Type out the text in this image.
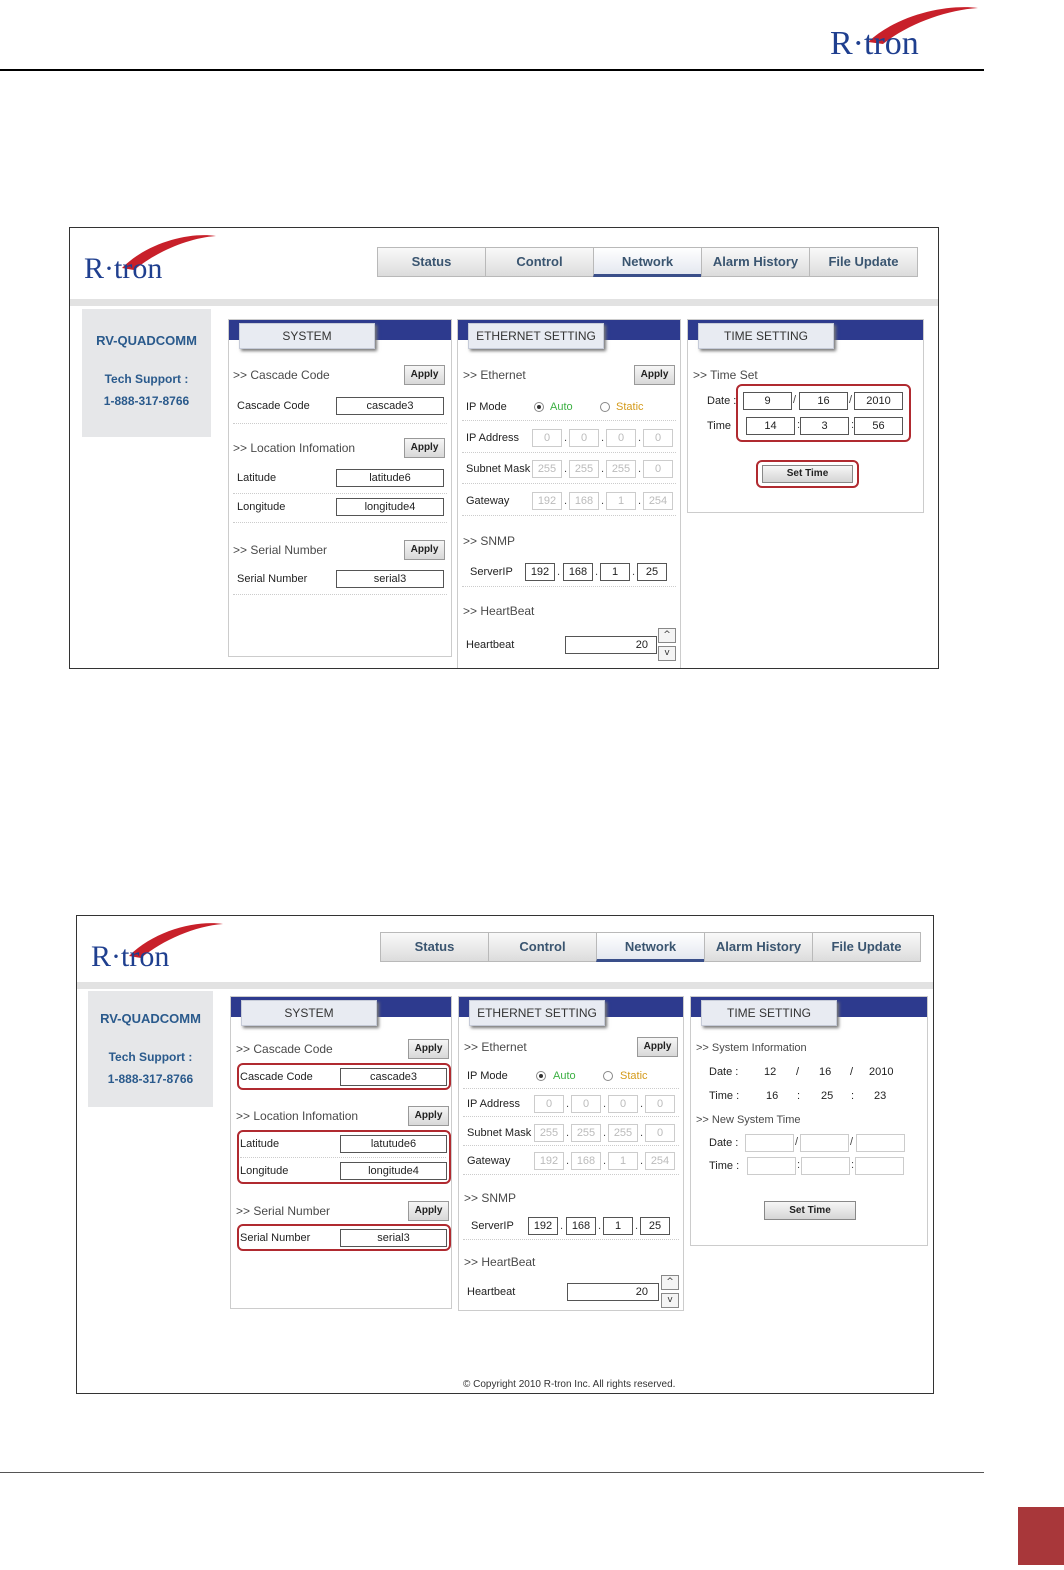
R·tron
R·tron	Status	Control	Network	Alarm History	File Update
RV-QUADCOMM
Tech Support :
1-888-317-8766
SYSTEM
>> Cascade Code	Apply
Cascade Code	cascade3
>> Location Infomation	Apply
Latitude	latitude6
Longitude	longitude4
>> Serial Number	Apply
Serial Number	serial3
ETHERNET SETTING
>> Ethernet	Apply
IP Mode	Auto	Static
IP Address	0	.	0	.	0	.	0
Subnet Mask 255 . 255 . 255 .	0
Gateway	192 . 168 .	1	. 254
>> SNMP
ServerIP	192 . 168 .	1	. 25
>> HeartBeat
Heartbeat	20
^
v
TIME SETTING
>> Time Set
Date :	9	/	16	/	2010
Time	14	:	3	:	56
Set Time
R·tron	Status	Control	Network	Alarm History	File Update
RV-QUADCOMM
Tech Support :
1-888-317-8766
SYSTEM
>> Cascade Code	Apply
Cascade Code	cascade3
>> Location Infomation	Apply
Latitude	latutude6
Longitude	longitude4
>> Serial Number	Apply
Serial Number	serial3
ETHERNET SETTING
>> Ethernet	Apply
IP Mode	Auto	Static
IP Address	0	.	0	.	0	.	0
Subnet Mask 255 . 255 . 255 .	0
Gateway	192 . 168 .	1	. 254
>> SNMP
ServerIP	192 . 168 .	1	. 25
>> HeartBeat
Heartbeat	20
^
v
TIME SETTING
>> System Information
Date : 12 / 16 / 2010
Time : 16 : 25 : 23
>> New System Time
Date :	/	/
Time :	:	:
Set Time
© Copyright 2010 R-tron Inc. All rights reserved.
